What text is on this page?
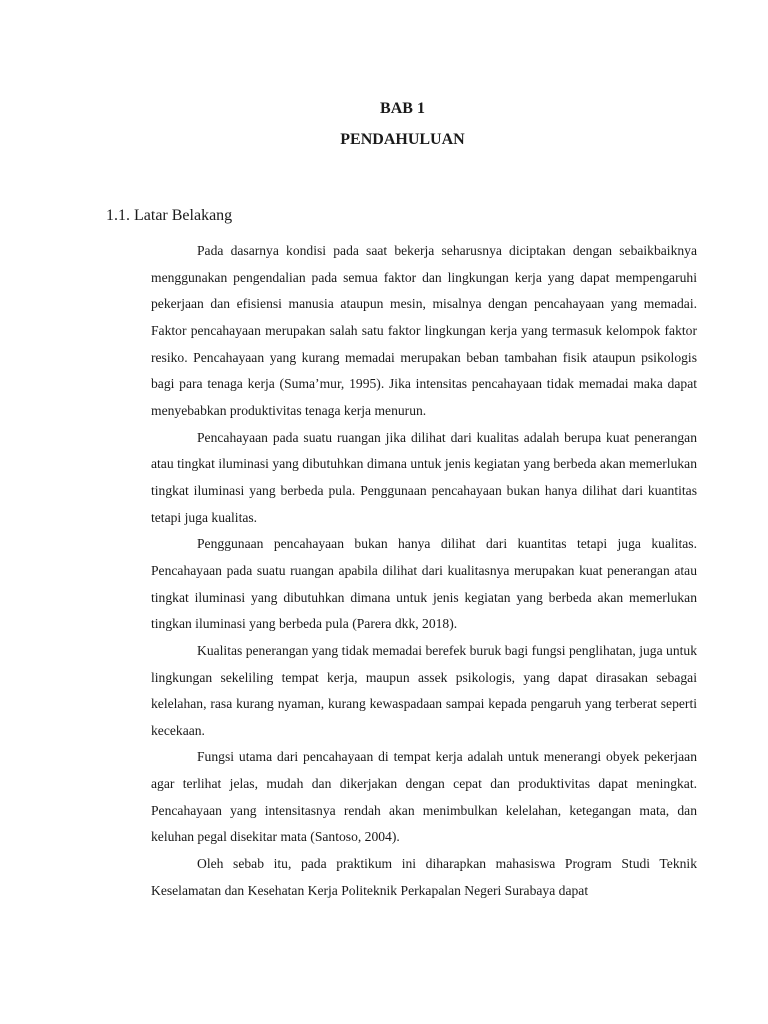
BAB 1
PENDAHULUAN
1.1. Latar Belakang

Pada dasarnya kondisi pada saat bekerja seharusnya diciptakan dengan sebaikbaiknya menggunakan pengendalian pada semua faktor dan lingkungan kerja yang dapat mempengaruhi pekerjaan dan efisiensi manusia ataupun mesin, misalnya dengan pencahayaan yang memadai. Faktor pencahayaan merupakan salah satu faktor lingkungan kerja yang termasuk kelompok faktor resiko. Pencahayaan yang kurang memadai merupakan beban tambahan fisik ataupun psikologis bagi para tenaga kerja (Suma’mur, 1995). Jika intensitas pencahayaan tidak memadai maka dapat menyebabkan produktivitas tenaga kerja menurun.

Pencahayaan pada suatu ruangan jika dilihat dari kualitas adalah berupa kuat penerangan atau tingkat iluminasi yang dibutuhkan dimana untuk jenis kegiatan yang berbeda akan memerlukan tingkat iluminasi yang berbeda pula. Penggunaan pencahayaan bukan hanya dilihat dari kuantitas tetapi juga kualitas.

Penggunaan pencahayaan bukan hanya dilihat dari kuantitas tetapi juga kualitas. Pencahayaan pada suatu ruangan apabila dilihat dari kualitasnya merupakan kuat penerangan atau tingkat iluminasi yang dibutuhkan dimana untuk jenis kegiatan yang berbeda akan memerlukan tingkan iluminasi yang berbeda pula (Parera dkk, 2018).

Kualitas penerangan yang tidak memadai berefek buruk bagi fungsi penglihatan, juga untuk lingkungan sekeliling tempat kerja, maupun assek psikologis, yang dapat dirasakan sebagai kelelahan, rasa kurang nyaman, kurang kewaspadaan sampai kepada pengaruh yang terberat seperti kecekaan.

Fungsi utama dari pencahayaan di tempat kerja adalah untuk menerangi obyek pekerjaan agar terlihat jelas, mudah dan dikerjakan dengan cepat dan produktivitas dapat meningkat. Pencahayaan yang intensitasnya rendah akan menimbulkan kelelahan, ketegangan mata, dan keluhan pegal disekitar mata (Santoso, 2004).

Oleh sebab itu, pada praktikum ini diharapkan mahasiswa Program Studi Teknik Keselamatan dan Kesehatan Kerja Politeknik Perkapalan Negeri Surabaya dapat
